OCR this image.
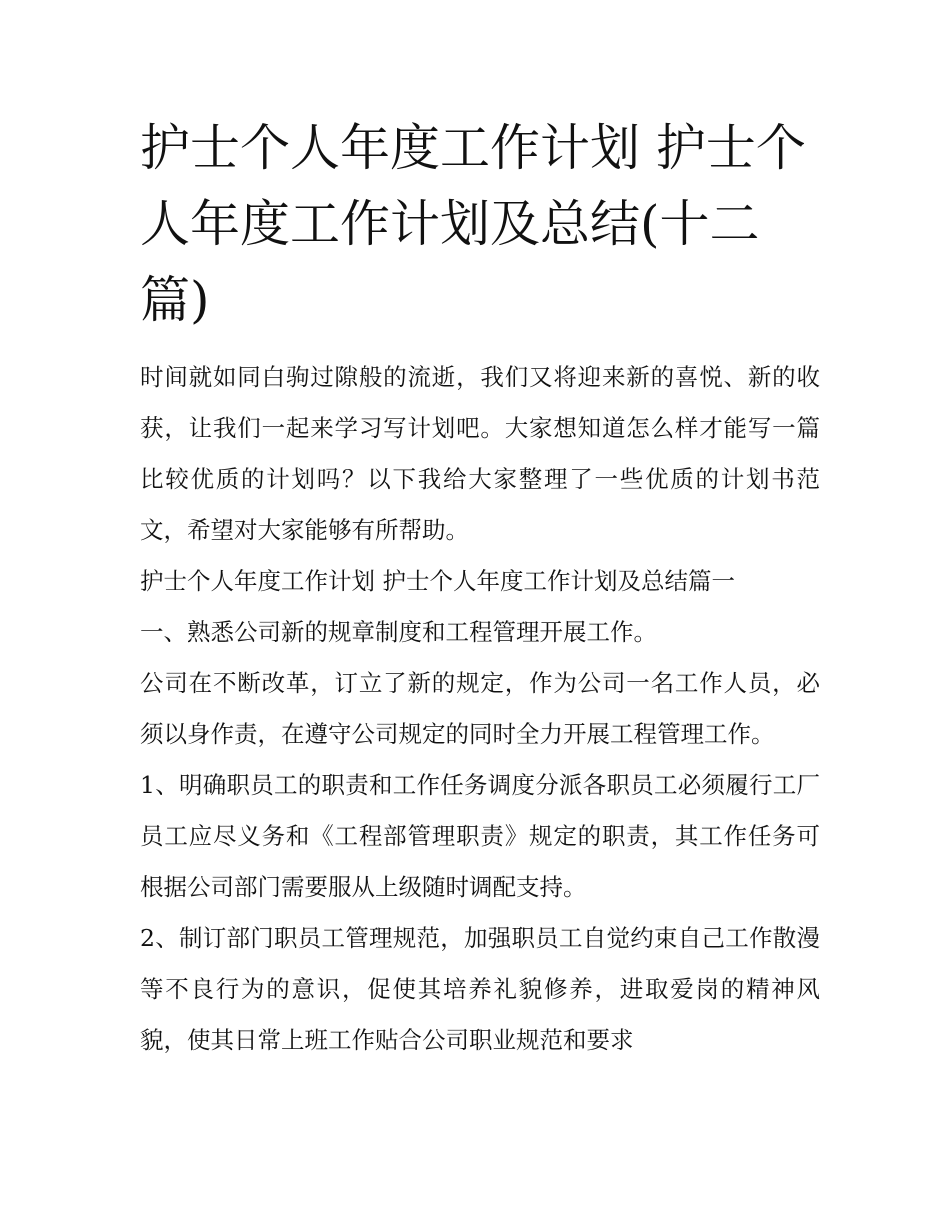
护士个人年度工作计划 护士个人年度工作计划及总结(十二篇)

时间就如同白驹过隙般的流逝，我们又将迎来新的喜悦、新的收获，让我们一起来学习写计划吧。大家想知道怎么样才能写一篇比较优质的计划吗？以下我给大家整理了一些优质的计划书范文，希望对大家能够有所帮助。

护士个人年度工作计划 护士个人年度工作计划及总结篇一

一、熟悉公司新的规章制度和工程管理开展工作。

公司在不断改革，订立了新的规定，作为公司一名工作人员，必须以身作责，在遵守公司规定的同时全力开展工程管理工作。

1、明确职员工的职责和工作任务调度分派各职员工必须履行工厂员工应尽义务和《工程部管理职责》规定的职责，其工作任务可根据公司部门需要服从上级随时调配支持。

2、制订部门职员工管理规范，加强职员工自觉约束自己工作散漫等不良行为的意识，促使其培养礼貌修养，进取爱岗的精神风貌，使其日常上班工作贴合公司职业规范和要求
